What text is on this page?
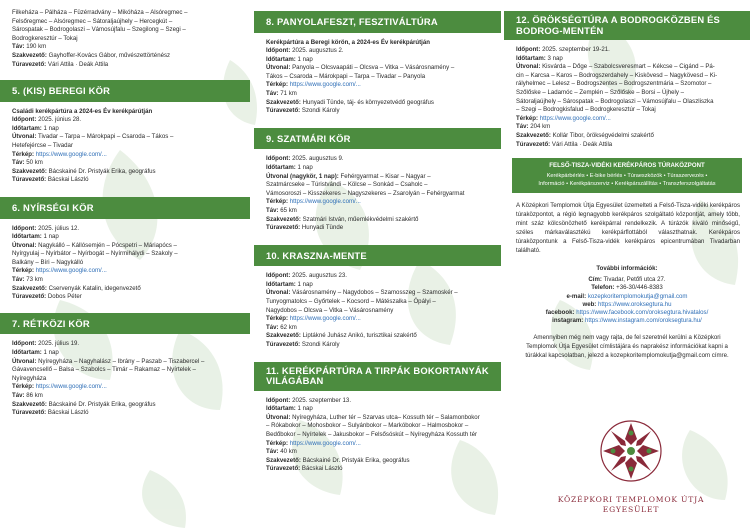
Filkeháza – Pálháza – Füzérradvány – Mikóháza – Alsóregmec –
Felsőregmec – Alsóregmec – Sátoraljaújhely – Hercegkút –
Sárospatak – Bodrogolaszi – Vámosújfalu – Szegilong – Szegi –
Bodrogkeresztúr – Tokaj
Táv: 190 km
Szakvezető: Gayhoffer-Kovács Gábor, művészettörténész
Túravezető: Vári Attila · Deák Attila
5. (KIS) BEREGI KÖR
Családi kerékpártúra a 2024-es Év kerékpárútján
Időpont: 2025. június 28.
Időtartam: 1 nap
Útvonal: Tivadar – Tarpa – Márokpapi – Csaroda – Tákos –
Hetefejércse – Tivadar
Térkép: https://www.google.com/...
Táv: 50 km
Szakvezető: Bácskainé Dr. Pristyák Erika, geográfus
Túravezető: Bácskai László
6. NYÍRSÉGI KÖR
Időpont: 2025. július 12.
Időtartam: 1 nap
Útvonal: Nagykálló – Kállósemjén – Pócspetri – Máriapócs –
Nyírgyulaj – Nyírbátor – Nyírbogát – Nyírmihálydi – Szakoly –
Balkány – Bíri – Nagykálló
Térkép: https://www.google.com/...
Táv: 73 km
Szakvezető: Cservenyák Katalin, idegenvezető
Túravezető: Dobos Péter
7. RÉTKÖZI KÖR
Időpont: 2025. július 19.
Időtartam: 1 nap
Útvonal: Nyíregyháza – Nagyhalász – Ibrány – Paszab – Tiszabercel –
Gávavencsellő – Balsa – Szabolcs – Timár – Rakamaz – Nyírtelek –
Nyíregyháza
Térkép: https://www.google.com/...
Táv: 86 km
Szakvezető: Bácskainé Dr. Pristyák Erika, geográfus
Túravezető: Bácskai László
8. PANYOLAFESZT, FESZTIVÁLTÚRA
Kerékpártúra a Beregi körön, a 2024-es Év kerékpárútján
Időpont: 2025. augusztus 2.
Időtartam: 1 nap
Útvonal: Panyola – Olcsvaapáti – Olcsva – Vitka – Vásárosnamény –
Tákos – Csaroda – Márokpapi – Tarpa – Tivadar – Panyola
Térkép: https://www.google.com/...
Táv: 71 km
Szakvezető: Hunyadi Tünde, táj- és környezetvédő geográfus
Túravezető: Szondi Károly
9. SZATMÁRI KÖR
Időpont: 2025. augusztus 9.
Időtartam: 1 nap
Útvonal (nagykör, 1 nap): Fehérgyarmat – Kisar – Nagyar –
Szatmárcseke – Túristvándi – Kölcse – Sonkád – Csaholc –
Vámosoroszi – Kisszekeres – Nagyszekeres – Zsarolyán – Fehérgyarmat
Térkép: https://www.google.com/...
Táv: 65 km
Szakvezető: Szatmári István, műemlékvédelmi szakértő
Túravezető: Hunyadi Tünde
10. KRASZNA-MENTE
Időpont: 2025. augusztus 23.
Időtartam: 1 nap
Útvonal: Vásárosnamény – Nagydobos – Szamosszeg – Szamoskér –
Tunyogmatolcs – Győrtelek – Kocsord – Mátészalka – Ópályi –
Nagydobos – Olcsva – Vitka – Vásárosnamény
Térkép: https://www.google.com/...
Táv: 62 km
Szakvezető: Liptákné Juhász Anikó, turisztikai szakértő
Túravezető: Szondi Károly
11. KERÉKPÁRTÚRA A TIRPÁK BOKORTANYÁK VILÁGÁBAN
Időpont: 2025. szeptember 13.
Időtartam: 1 nap
Útvonal: Nyíregyháza, Luther tér – Szarvas utca– Kossuth tér – Salamonbokor
– Rókabokor – Mohosbokor – Sulyánbokor – Markóbokor – Halmosbokor –
Bedőbokor – Nyírtelek – Jakusbokor – Felsősóskút – Nyíregyháza Kossuth tér
Térkép: https://www.google.com/...
Táv: 40 km
Szakvezető: Bácskainé Dr. Pristyák Erika, geográfus
Túravezető: Bácskai László
12. ÖRÖKSÉGTÚRA A BODROGKÖZBEN ÉS BODROG-MENTÉN
Időpont: 2025. szeptember 19-21.
Időtartam: 3 nap
Útvonal: Kisvárda – Dőge – Szabolcsveresmart – Kékcse – Cigánd – Pá-
cin – Karcsa – Karos – Bodrogszerdahely – Kiskövesd – Nagykövesd – Ki-
rályhelmec – Lelesz – Bodrogszentes – Bodrogszentmária – Szomotor –
Szőlőske – Ladamóc – Zemplén – Szőlőske – Borsi – Újhely –
Sátoraljaújhely – Sárospatak – Bodrogolaszi – Vámosújfalu – Olaszliszka
– Szegi – Bodrogkisfalud – Bodrogkeresztúr – Tokaj
Térkép: https://www.google.com/...
Táv: 204 km
Szakvezető: Kollár Tibor, örökségvédelmi szakértő
Túravezető: Vári Attila · Deák Attila
FELSŐ-TISZA-VIDÉKI KERÉKPÁROS TÚRAKÖZPONT
Kerékpárbérlés • E-bike bérlés • Túraeszközök • Túraszervezés •
Információ • Kerékpárszerviz • Kerékpárszállítás • Transzferszolgáltatás
A Középkori Templomok Útja Egyesület üzemelteti a Felső-Tisza-vidéki kerékpáros túraközpontot, a régió legnagyobb kerékpáros szolgáltató központját, amely több, mint száz kölcsönözhető kerékpárral rendelkezik. A túrázók kiváló minőségű, széles márkaválasztékú kerékpárflottából választhatnak. Kerékpáros túraközpontunk a Felső-Tisza-vidék kerékpáros epicentrumában Tivadarban található.
További információk:
Cím: Tivadar, Petőfi utca 27.
Telefon: +36-30/446-8383
e-mail: kozepkoritemplomokutja@gmail.com
web: https://www.oroksegtura.hu
facebook: https://www.facebook.com/oroksegtura.hivatalos/
instagram: https://www.instagram.com/oroksegtura.hu/
Amennyiben még nem vagy rajta, de fel szeretnél kerülni a Középkori
Templomok Útja Egyesület címlistájára és naprakész információkat kapni a
túrákkal kapcsolatban, jelezd a kozepkoritemplomokutja@gmail.com címre.
KÖZÉPKORI TEMPLOMOK ÚTJA
EGYESÜLET
